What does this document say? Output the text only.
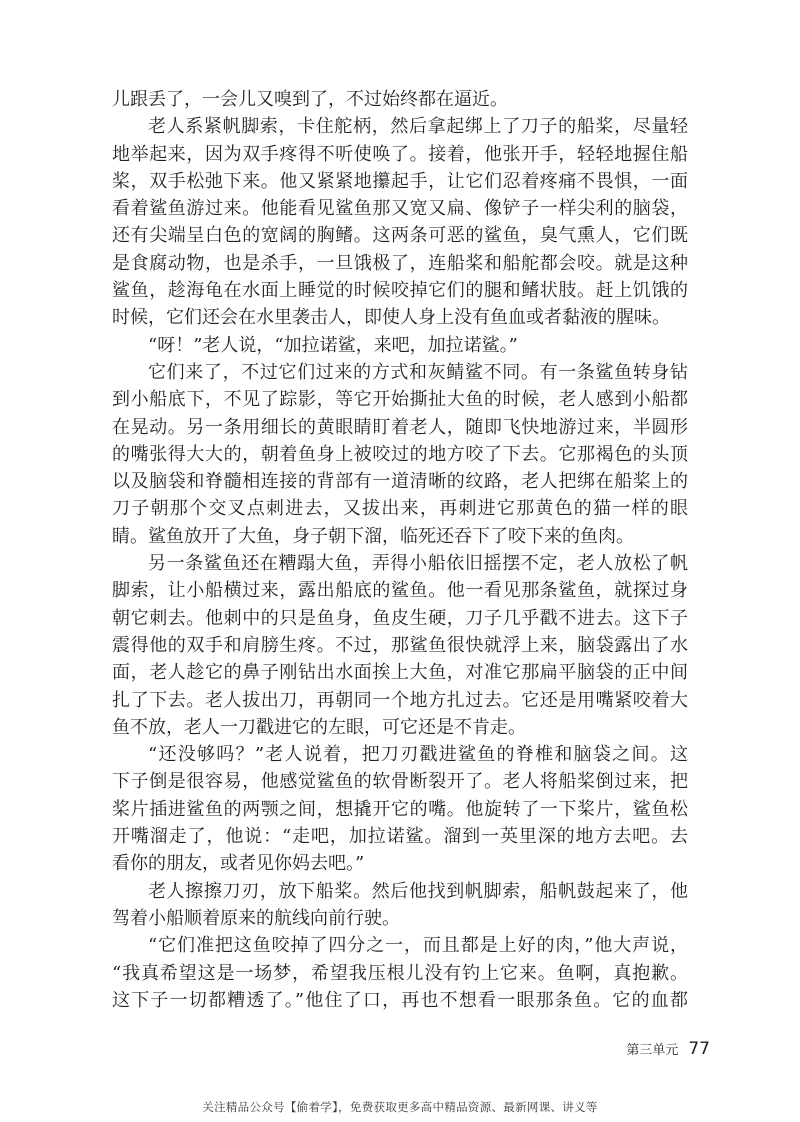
儿跟丢了，一会儿又嗅到了，不过始终都在逼近。
老人系紧帆脚索，卡住舵柄，然后拿起绑上了刀子的船桨，尽量轻
地举起来，因为双手疼得不听使唤了。接着，他张开手，轻轻地握住船
桨，双手松弛下来。他又紧紧地攥起手，让它们忍着疼痛不畏惧，一面
看着鲨鱼游过来。他能看见鲨鱼那又宽又扁、像铲子一样尖利的脑袋，
还有尖端呈白色的宽阔的胸鳍。这两条可恶的鲨鱼，臭气熏人，它们既
是食腐动物，也是杀手，一旦饿极了，连船桨和船舵都会咬。就是这种
鲨鱼，趁海龟在水面上睡觉的时候咬掉它们的腿和鳍状肢。赶上饥饿的
时候，它们还会在水里袭击人，即使人身上没有鱼血或者黏液的腥味。
“呀！”老人说，“加拉诺鲨，来吧，加拉诺鲨。”
它们来了，不过它们过来的方式和灰鲭鲨不同。有一条鲨鱼转身钻
到小船底下，不见了踪影，等它开始撕扯大鱼的时候，老人感到小船都
在晃动。另一条用细长的黄眼睛盯着老人，随即飞快地游过来，半圆形
的嘴张得大大的，朝着鱼身上被咬过的地方咬了下去。它那褐色的头顶
以及脑袋和脊髓相连接的背部有一道清晰的纹路，老人把绑在船桨上的
刀子朝那个交叉点刺进去，又拔出来，再刺进它那黄色的猫一样的眼
睛。鲨鱼放开了大鱼，身子朝下溜，临死还吞下了咬下来的鱼肉。
另一条鲨鱼还在糟蹋大鱼，弄得小船依旧摇摆不定，老人放松了帆
脚索，让小船横过来，露出船底的鲨鱼。他一看见那条鲨鱼，就探过身
朝它刺去。他刺中的只是鱼身，鱼皮生硬，刀子几乎戳不进去。这下子
震得他的双手和肩膀生疼。不过，那鲨鱼很快就浮上来，脑袋露出了水
面，老人趁它的鼻子刚钻出水面挨上大鱼，对准它那扁平脑袋的正中间
扎了下去。老人拔出刀，再朝同一个地方扎过去。它还是用嘴紧咬着大
鱼不放，老人一刀戳进它的左眼，可它还是不肯走。
“还没够吗？”老人说着，把刀刃戳进鲨鱼的脊椎和脑袋之间。这
下子倒是很容易，他感觉鲨鱼的软骨断裂开了。老人将船桨倒过来，把
桨片插进鲨鱼的两颚之间，想撬开它的嘴。他旋转了一下桨片，鲨鱼松
开嘴溜走了，他说：“走吧，加拉诺鲨。溜到一英里深的地方去吧。去
看你的朋友，或者见你妈去吧。”
老人擦擦刀刃，放下船桨。然后他找到帆脚索，船帆鼓起来了，他
驾着小船顺着原来的航线向前行驶。
“它们准把这鱼咬掉了四分之一，而且都是上好的肉，”他大声说，
“我真希望这是一场梦，希望我压根儿没有钓上它来。鱼啊，真抱歉。
这下子一切都糟透了。”他住了口，再也不想看一眼那条鱼。它的血都
第三单元 77
关注精品公众号【偷着学】，免费获取更多高中精品资源、最新网课、讲义等
